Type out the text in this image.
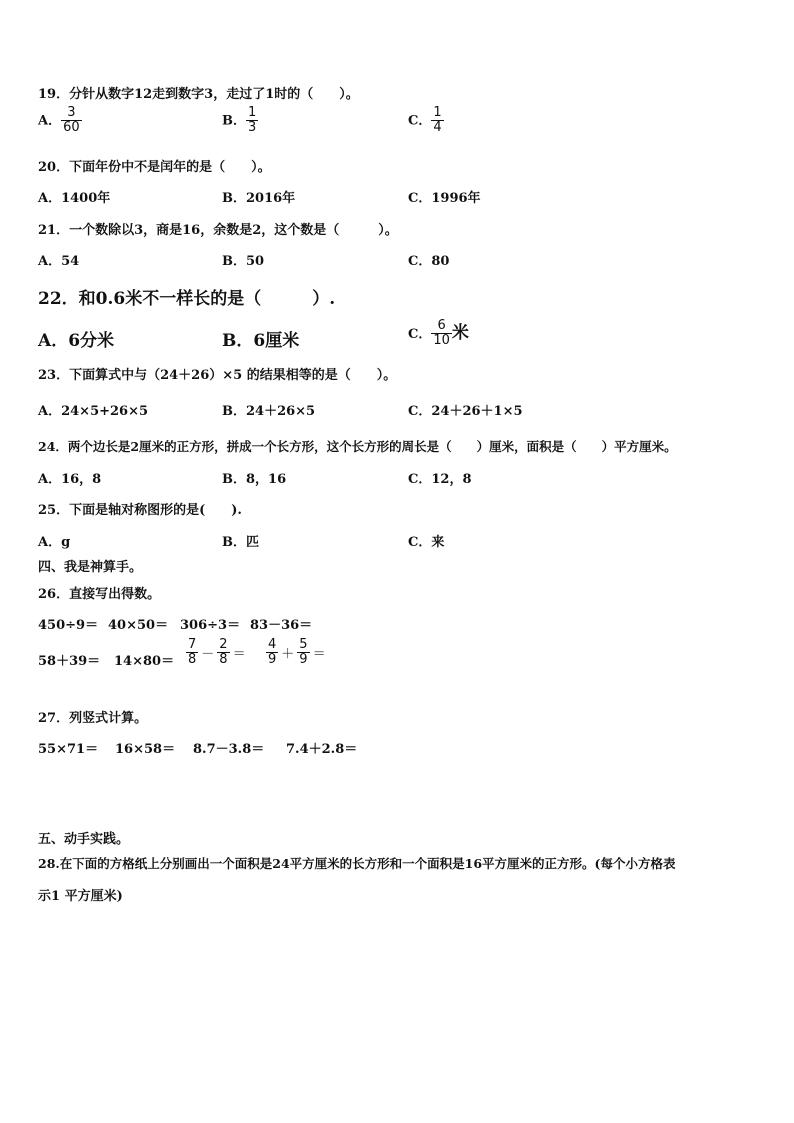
19．分针从数字12走到数字3，走过了1时的（　　）。
A． $\frac{3}{60}$	B． $\frac{1}{3}$	C． $\frac{1}{4}$
20．下面年份中不是闰年的是（　　）。
A．1400年	B．2016年	C．1996年
21．一个数除以3，商是16，余数是2，这个数是（　　　）。
A．54	B．50	C．80
22．和0.6米不一样长的是（　　　）.
A．6分米	B．6厘米	C． $\frac{6}{10}$ 米
23．下面算式中与（24＋26）×5 的结果相等的是（　　）。
A．24×5+26×5	B．24＋26×5	C．24＋26＋1×5
24．两个边长是2厘米的正方形，拼成一个长方形，这个长方形的周长是（　　）厘米，面积是（　　）平方厘米。
A．16，8	B．8，16	C．12，8
25．下面是轴对称图形的是(　　).
A．g	B．匹	C．来
四、我是神算手。
26．直接写出得数。
450÷9＝ 40×50＝ 306÷3＝ 83－36＝
$58+39= 14\times 80= \frac{7}{8} - \frac{2}{8} = \frac{4}{9} + \frac{5}{9}$ ＝
27．列竖式计算。
55×71＝ 16×58＝ 8.7－3.8＝ 7.4＋2.8＝
五、动手实践。
28.在下面的方格纸上分别画出一个面积是24平方厘米的长方形和一个面积是16平方厘米的正方形。(每个小方格表
示1 平方厘米)
